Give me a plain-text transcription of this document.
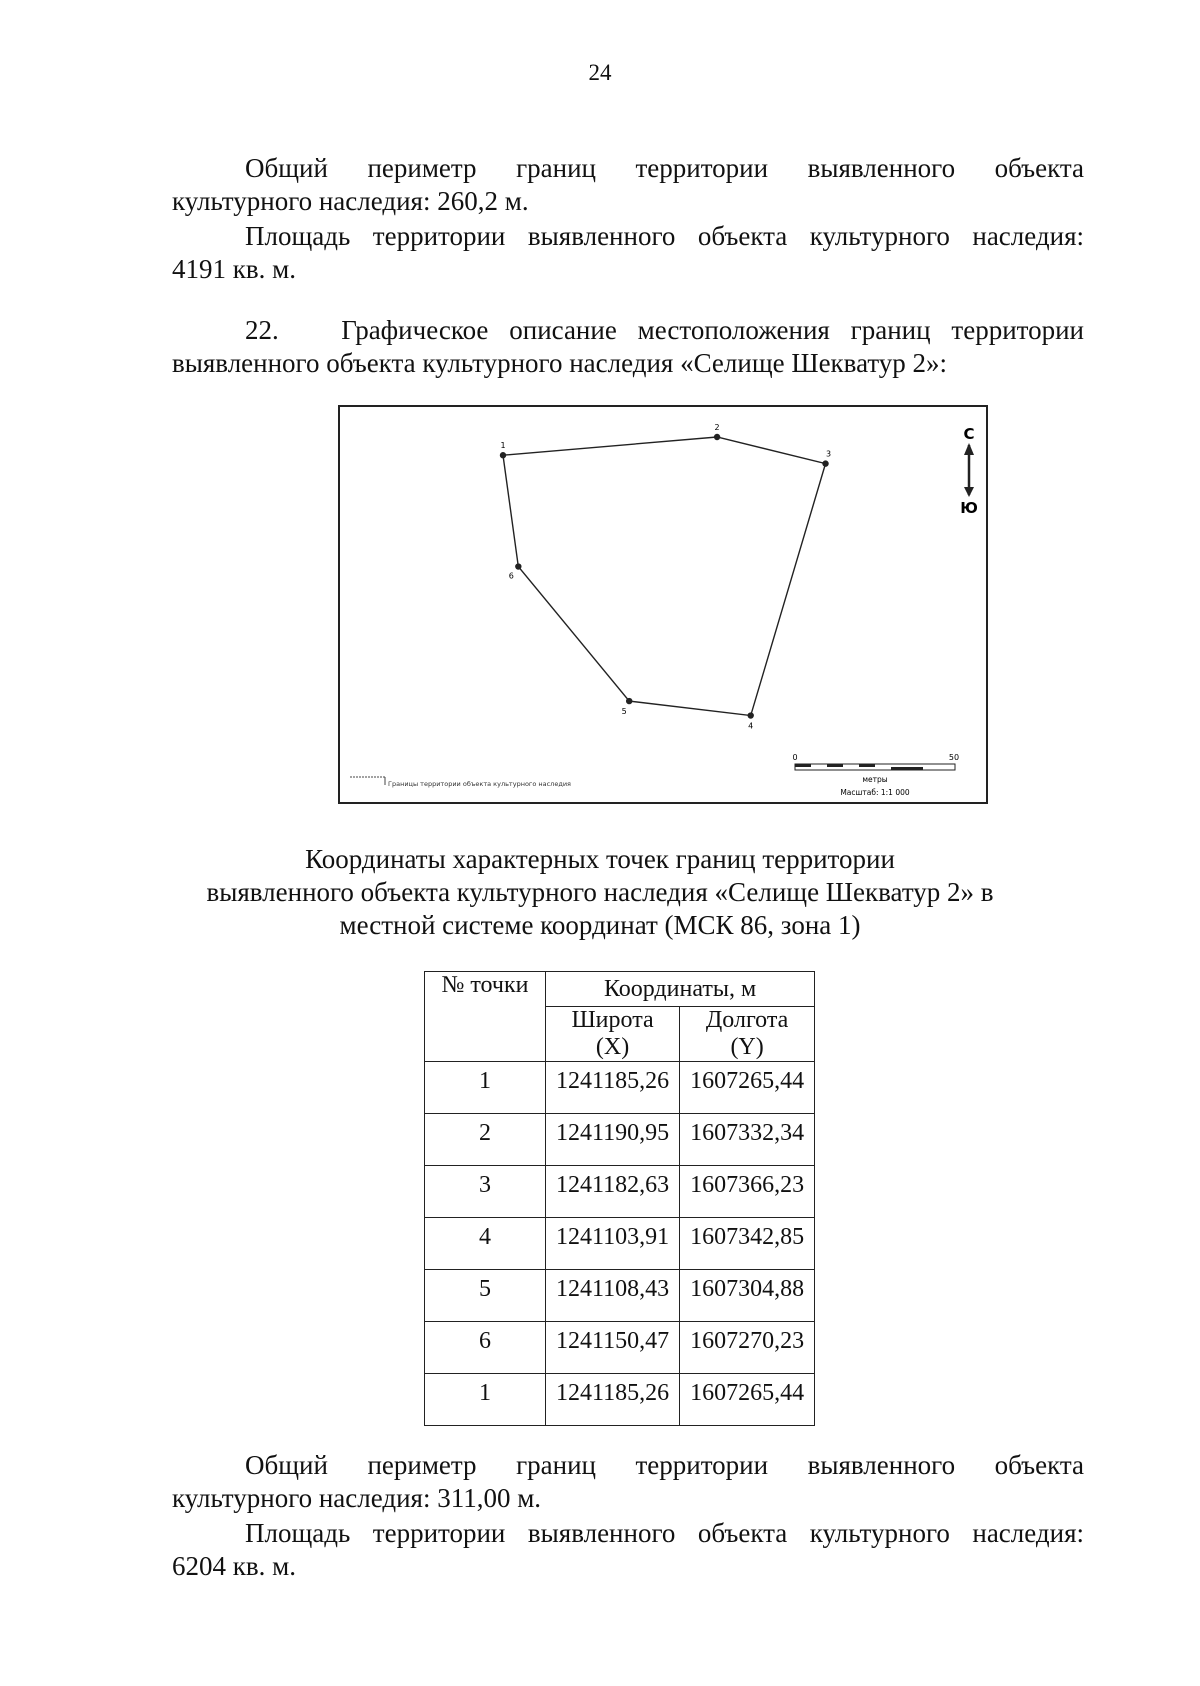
24

Общий периметр границ территории выявленного объекта
культурного наследия: 260,2 м.

Площадь территории выявленного объекта культурного наследия:
4191 кв. м.

22.   Графическое описание местоположения границ территории
выявленного объекта культурного наследия «Селище Шекватур 2»:

1
2
3
4
5
6
С
Ю
Границы территории объекта культурного наследия
0	50
метры
Масштаб: 1:1 000

Координаты характерных точек границ территории
выявленного объекта культурного наследия «Селище Шекватур 2» в
местной системе координат (МСК 86, зона 1)

№ точки	Координаты, м	
	Широта (X)	Долгота (Y)
1	1241185,26	1607265,44
2	1241190,95	1607332,34
3	1241182,63	1607366,23
4	1241103,91	1607342,85
5	1241108,43	1607304,88
6	1241150,47	1607270,23
1	1241185,26	1607265,44

Общий периметр границ территории выявленного объекта
культурного наследия: 311,00 м.

Площадь территории выявленного объекта культурного наследия:
6204 кв. м.
